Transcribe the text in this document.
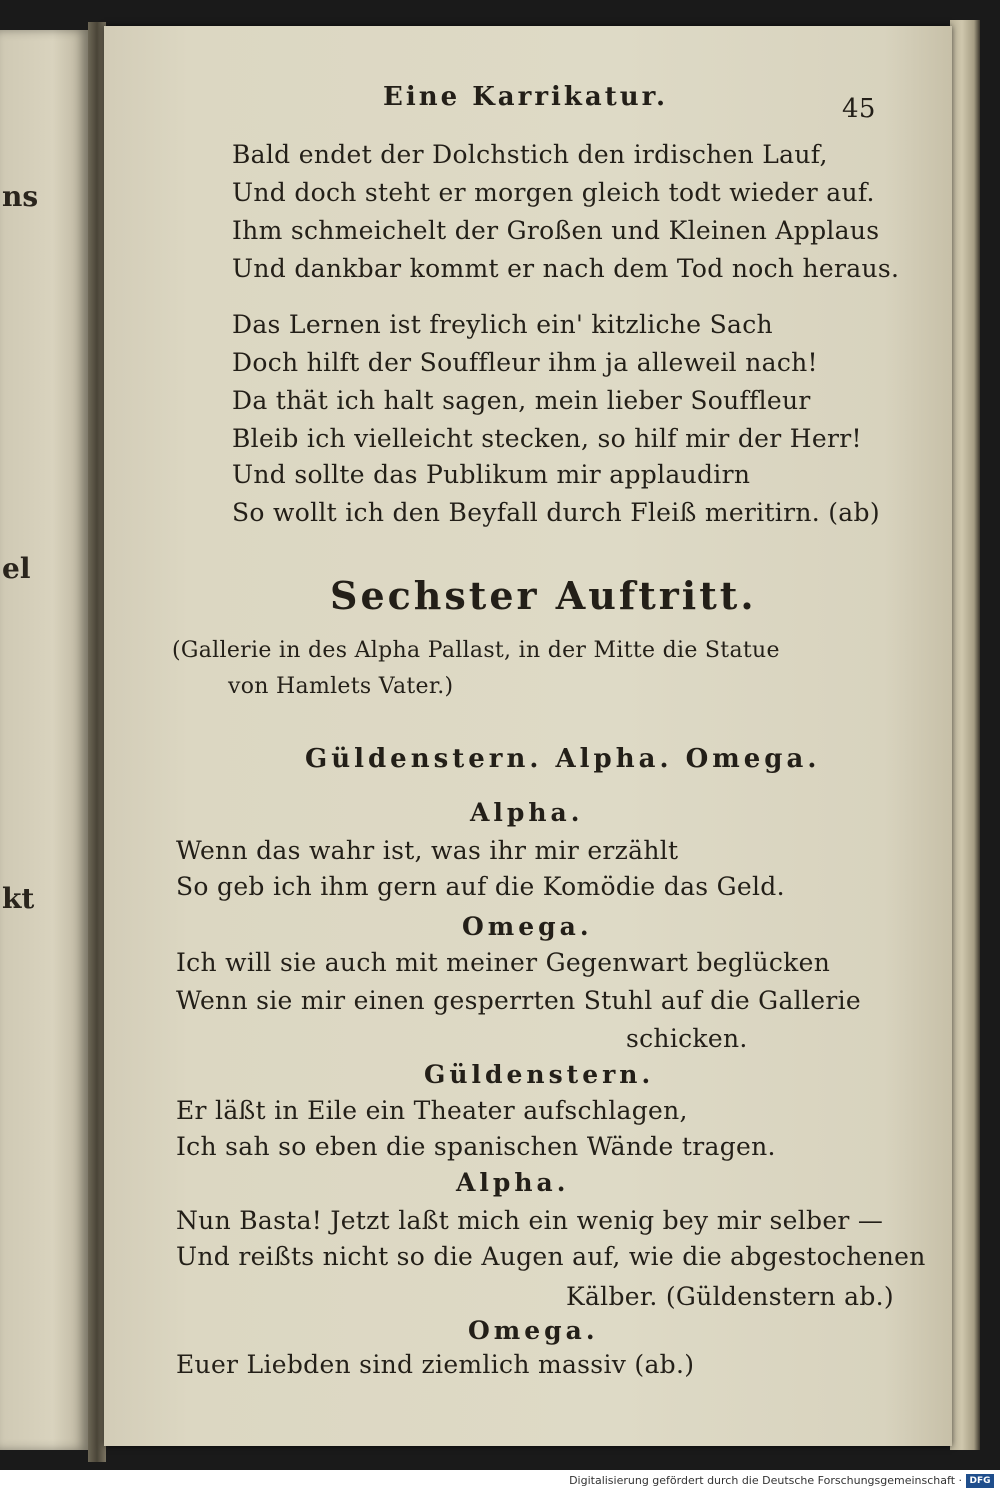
ns
el
kt
Eine Karrikatur.	45
Bald endet der Dolchstich den irdischen Lauf,
Und doch steht er morgen gleich todt wieder auf.
Ihm schmeichelt der Großen und Kleinen Applaus
Und dankbar kommt er nach dem Tod noch heraus.
Das Lernen ist freylich ein' kitzliche Sach
Doch hilft der Souffleur ihm ja alleweil nach!
Da thät ich halt sagen, mein lieber Souffleur
Bleib ich vielleicht stecken, so hilf mir der Herr!
Und sollte das Publikum mir applaudirn
So wollt ich den Beyfall durch Fleiß meritirn. (ab)
Sechster Auftritt.
(Gallerie in des Alpha Pallast, in der Mitte die Statue
von Hamlets Vater.)
Güldenstern. Alpha. Omega.
Alpha.
Wenn das wahr ist, was ihr mir erzählt
So geb ich ihm gern auf die Komödie das Geld.
Omega.
Ich will sie auch mit meiner Gegenwart beglücken
Wenn sie mir einen gesperrten Stuhl auf die Gallerie
schicken.
Güldenstern.
Er läßt in Eile ein Theater aufschlagen,
Ich sah so eben die spanischen Wände tragen.
Alpha.
Nun Basta! Jetzt laßt mich ein wenig bey mir selber —
Und reißts nicht so die Augen auf, wie die abgestochenen
Kälber. (Güldenstern ab.)
Omega.
Euer Liebden sind ziemlich massiv (ab.)
Digitalisierung gefördert durch die Deutsche Forschungsgemeinschaft · DFG
